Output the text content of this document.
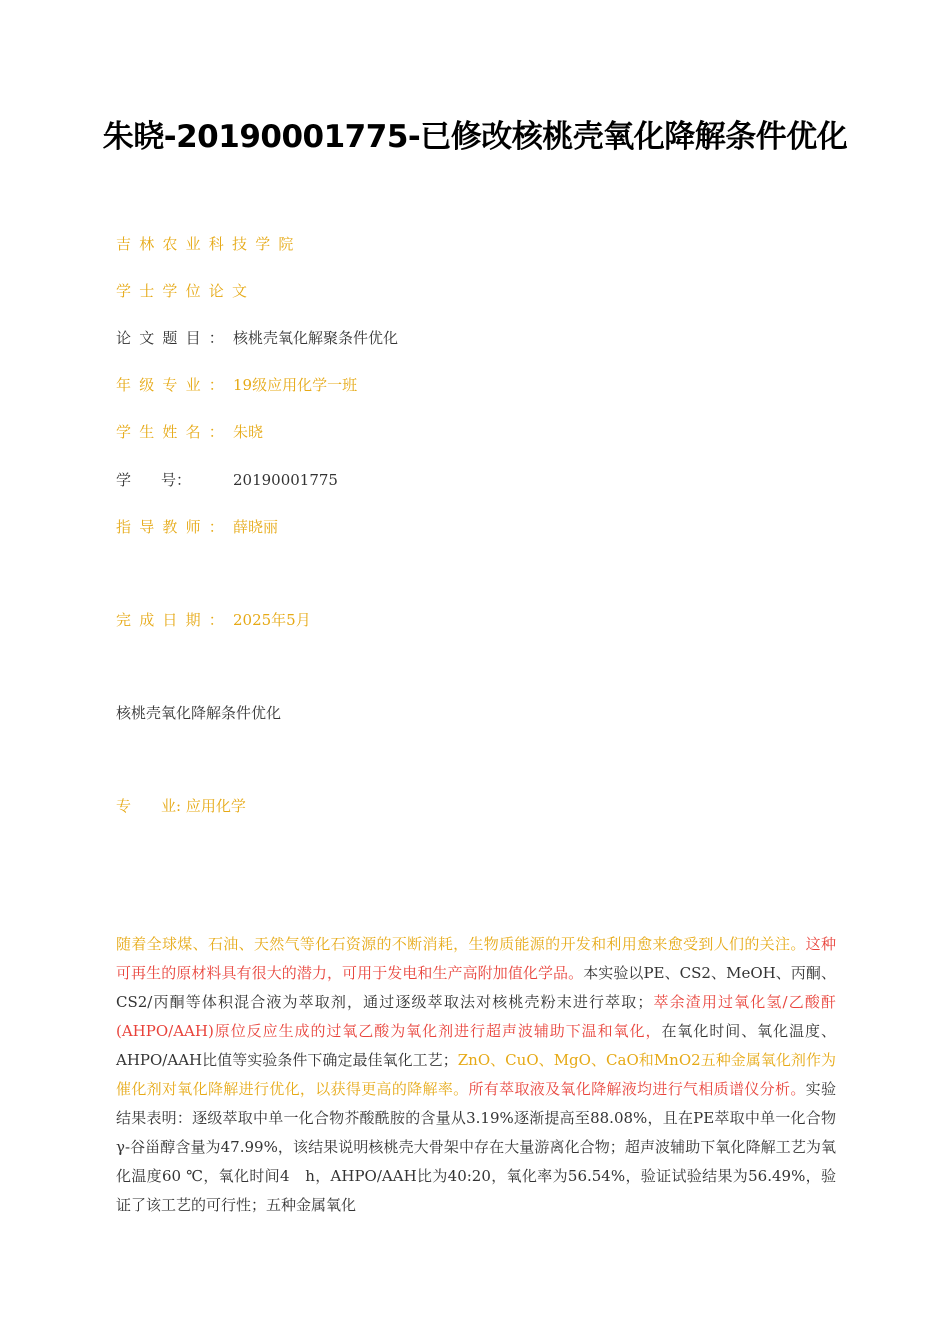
朱晓-20190001775-已修改核桃壳氧化降解条件优化
吉林农业科技学院
学士学位论文
论文题目：核桃壳氧化解聚条件优化
年级专业：19级应用化学一班
学生姓名：朱晓
学　　号：	20190001775
指导教师：薛晓丽
完成日期：2025年5月
核桃壳氧化降解条件优化
专　　业: 应用化学

随着全球煤、石油、天然气等化石资源的不断消耗，生物质能源的开发和利用愈来愈受到人们的关注。这种可再生的原材料具有很大的潜力，可用于发电和生产高附加值化学品。本实验以PE、CS2、MeOH、丙酮、CS2/丙酮等体积混合液为萃取剂，通过逐级萃取法对核桃壳粉末进行萃取；萃余渣用过氧化氢/乙酸酐(AHPO/AAH)原位反应生成的过氧乙酸为氧化剂进行超声波辅助下温和氧化，在氧化时间、氧化温度、AHPO/AAH比值等实验条件下确定最佳氧化工艺；ZnO、CuO、MgO、CaO和MnO2五种金属氧化剂作为催化剂对氧化降解进行优化，以获得更高的降解率。所有萃取液及氧化降解液均进行气相质谱仪分析。实验结果表明：逐级萃取中单一化合物芥酸酰胺的含量从3.19%逐渐提高至88.08%，且在PE萃取中单一化合物γ-谷甾醇含量为47.99%，该结果说明核桃壳大骨架中存在大量游离化合物；超声波辅助下氧化降解工艺为氧化温度60 ℃，氧化时间4　h，AHPO/AAH比为40:20，氧化率为56.54%，验证试验结果为56.49%，验证了该工艺的可行性；五种金属氧化
